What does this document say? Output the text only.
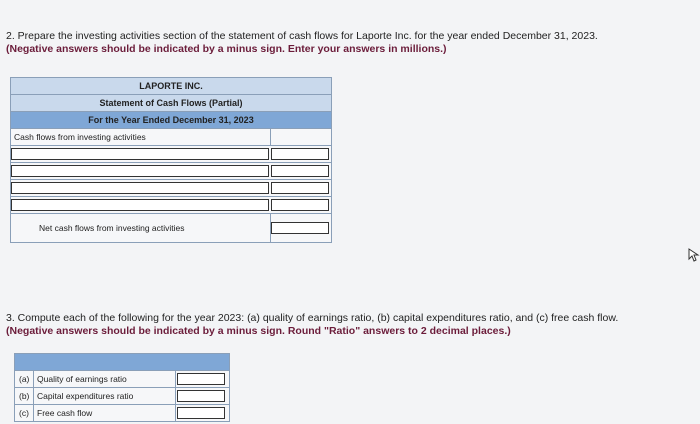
2. Prepare the investing activities section of the statement of cash flows for Laporte Inc. for the year ended December 31, 2023.
(Negative answers should be indicated by a minus sign. Enter your answers in millions.)
LAPORTE INC.
Statement of Cash Flows (Partial)
For the Year Ended December 31, 2023
Cash flows from investing activities
Net cash flows from investing activities
3. Compute each of the following for the year 2023: (a) quality of earnings ratio, (b) capital expenditures ratio, and (c) free cash flow.
(Negative answers should be indicated by a minus sign. Round "Ratio" answers to 2 decimal places.)
(a) Quality of earnings ratio
(b) Capital expenditures ratio
(c) Free cash flow
